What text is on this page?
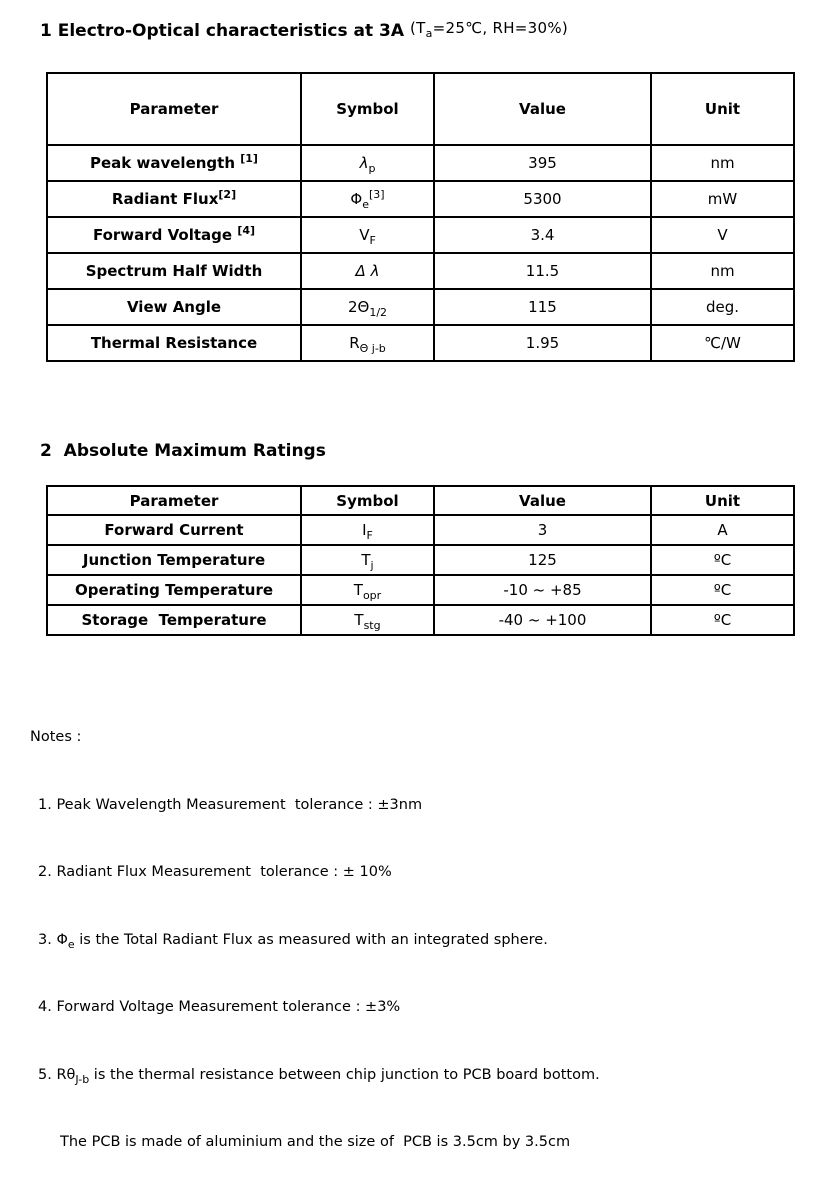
1 Electro-Optical characteristics at 3A ($T_a=25℃$, RH=30%)
Parameter	Symbol	Value	Unit
Peak wavelength [1]	$\lambda_p$	395	nm
Radiant Flux[2]	$\Phi_e[3]$	5300	mW
Forward Voltage [4]	$V_F$	3.4	V
Spectrum Half Width	Δ λ	11.5	nm
View Angle	$2\Theta_{1/2}$	115	deg.
Thermal Resistance	$R_{\Theta j-b}$	1.95	℃/W
2  Absolute Maximum Ratings
Parameter	Symbol	Value	Unit
Forward Current	$I_F$	3	A
Junction Temperature	$T_j$	125	ºC
Operating Temperature	$T_{opr}$	-10 ~ +85	ºC
Storage  Temperature	$T_{stg}$	-40 ~ +100	ºC

Notes :

1. Peak Wavelength Measurement  tolerance : ±3nm

2. Radiant Flux Measurement  tolerance : ± 10%

3. $\Phi_e$ is the Total Radiant Flux as measured with an integrated sphere.

4. Forward Voltage Measurement tolerance : ±3%

5. $R\theta_{J-b}$ is the thermal resistance between chip junction to PCB board bottom.

The PCB is made of aluminium and the size of  PCB is 3.5cm by 3.5cm
